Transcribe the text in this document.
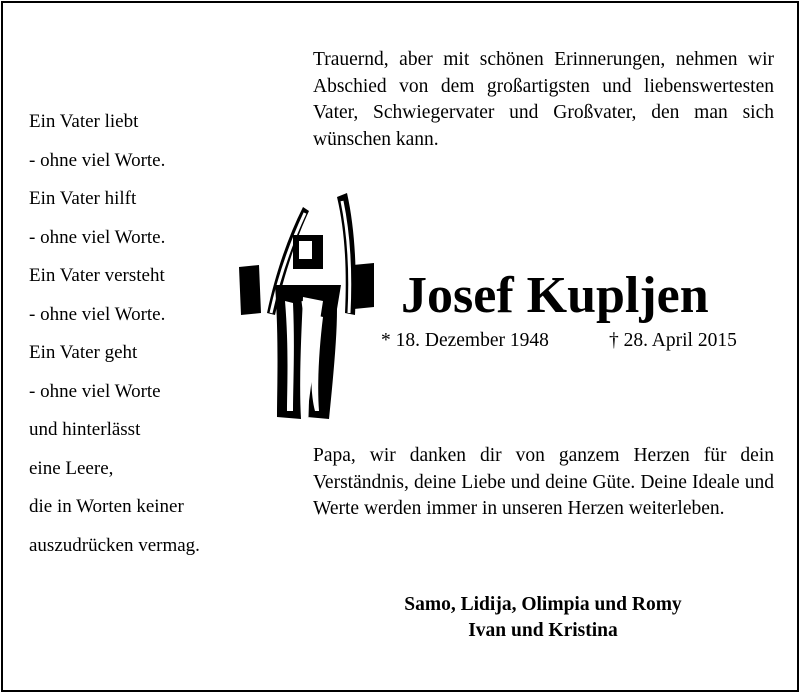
Ein Vater liebt
- ohne viel Worte.
Ein Vater hilft
- ohne viel Worte.
Ein Vater versteht
- ohne viel Worte.
Ein Vater geht
- ohne viel Worte
und hinterlässt
eine Leere,
die in Worten keiner
auszudrücken vermag.
Trauernd, aber mit schönen Erinnerungen, nehmen wir Abschied von dem großartigsten und liebenswertesten Vater, Schwiegervater und Großvater, den man sich wünschen kann.
Josef Kupljen
* 18. Dezember 1948	† 28. April 2015
Papa, wir danken dir von ganzem Herzen für dein Verständnis, deine Liebe und deine Güte. Deine Ideale und Werte werden immer in unseren Herzen weiterleben.
Samo, Lidija, Olimpia und Romy
Ivan und Kristina
